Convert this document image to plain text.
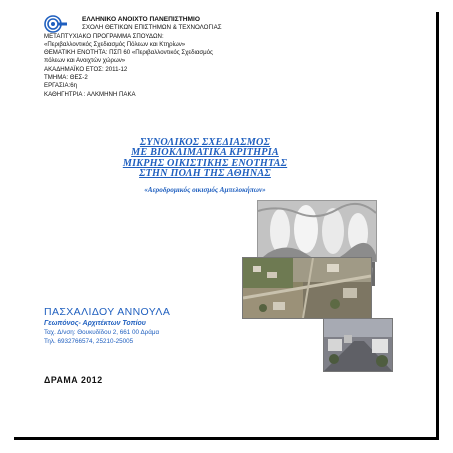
ΕΛΛΗΝΙΚΟ ΑΝΟΙΧΤΟ ΠΑΝΕΠΙΣΤΗΜΙΟ
ΣΧΟΛΗ ΘΕΤΙΚΩΝ ΕΠΙΣΤΗΜΩΝ & ΤΕΧΝΟΛΟΓΙΑΣ
ΜΕΤΑΠΤΥΧΙΑΚΟ ΠΡΟΓΡΑΜΜΑ ΣΠΟΥΔΩΝ:
«Περιβαλλοντικός Σχεδιασμός Πόλεων και Κτηρίων»
ΘΕΜΑΤΙΚΗ ΕΝΟΤΗΤΑ: ΠΣΠ 60 «Περιβαλλοντικός Σχεδιασμός
πόλεων και Ανοιχτών χώρων»
ΑΚΑΔΗΜΑΪΚΟ ΕΤΟΣ: 2011-12
ΤΜΗΜΑ: ΘΕΣ-2
ΕΡΓΑΣΙΑ:6η
ΚΑΘΗΓΗΤΡΙΑ : ΑΛΚΜΗΝΗ ΠΑΚΑ
ΣΥΝΟΛΙΚΟΣ ΣΧΕΔΙΑΣΜΟΣ
ΜΕ ΒΙΟΚΛΙΜΑΤΙΚΑ ΚΡΙΤΗΡΙΑ
ΜΙΚΡΗΣ ΟΙΚΙΣΤΙΚΗΣ ΕΝΟΤΗΤΑΣ
ΣΤΗΝ ΠΟΛΗ ΤΗΣ ΑΘΗΝΑΣ
«Αεροδρομικός οικισμός Αμπελοκήπων»
ΠΑΣΧΑΛΙΔΟΥ ΑΝΝΟΥΛΑ
Γεωπόνος- Αρχιτέκτων Τοπίου
Ταχ. Δ/νση: Θουκυδίδου 2, 661 00 Δράμα
Τηλ. 6932766574, 25210-25005
ΔΡΑΜΑ 2012
